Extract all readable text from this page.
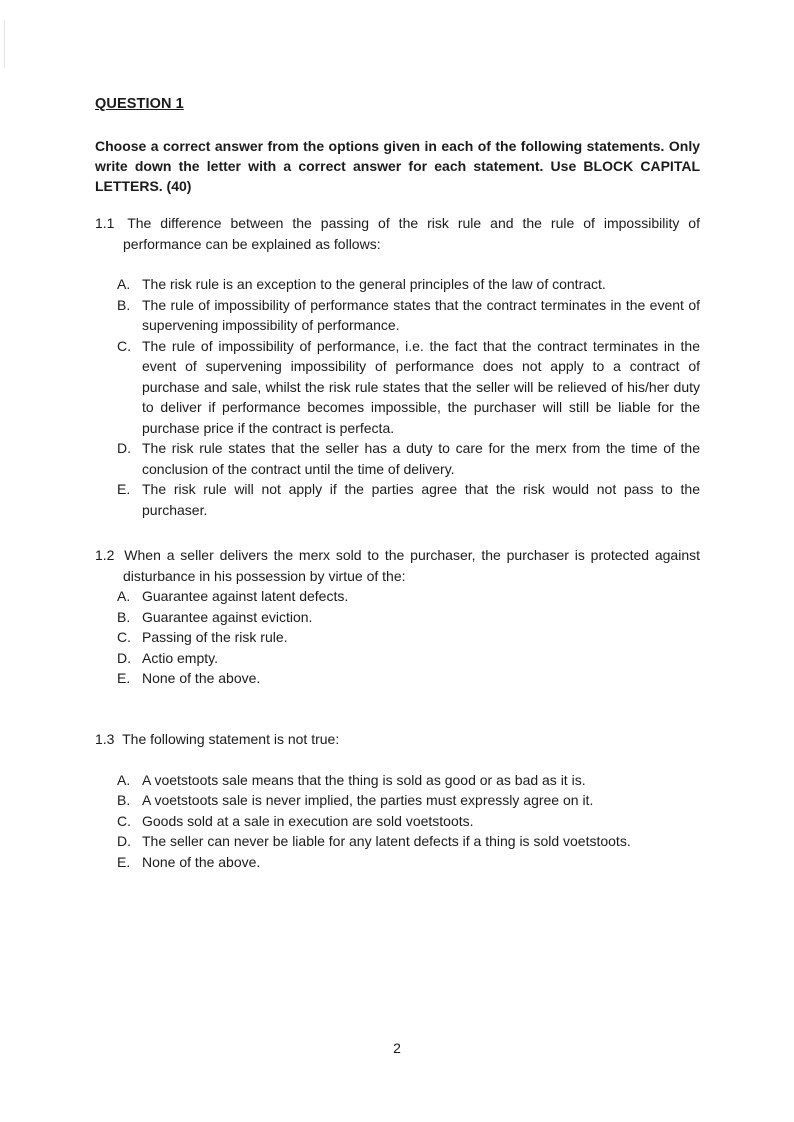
QUESTION 1
Choose a correct answer from the options given in each of the following statements. Only write down the letter with a correct answer for each statement. Use BLOCK CAPITAL LETTERS. (40)
1.1 The difference between the passing of the risk rule and the rule of impossibility of performance can be explained as follows:
A. The risk rule is an exception to the general principles of the law of contract.
B. The rule of impossibility of performance states that the contract terminates in the event of supervening impossibility of performance.
C. The rule of impossibility of performance, i.e. the fact that the contract terminates in the event of supervening impossibility of performance does not apply to a contract of purchase and sale, whilst the risk rule states that the seller will be relieved of his/her duty to deliver if performance becomes impossible, the purchaser will still be liable for the purchase price if the contract is perfecta.
D. The risk rule states that the seller has a duty to care for the merx from the time of the conclusion of the contract until the time of delivery.
E. The risk rule will not apply if the parties agree that the risk would not pass to the purchaser.
1.2 When a seller delivers the merx sold to the purchaser, the purchaser is protected against disturbance in his possession by virtue of the:
A. Guarantee against latent defects.
B. Guarantee against eviction.
C. Passing of the risk rule.
D. Actio empty.
E. None of the above.
1.3 The following statement is not true:
A. A voetstoots sale means that the thing is sold as good or as bad as it is.
B. A voetstoots sale is never implied, the parties must expressly agree on it.
C. Goods sold at a sale in execution are sold voetstoots.
D. The seller can never be liable for any latent defects if a thing is sold voetstoots.
E. None of the above.
2
